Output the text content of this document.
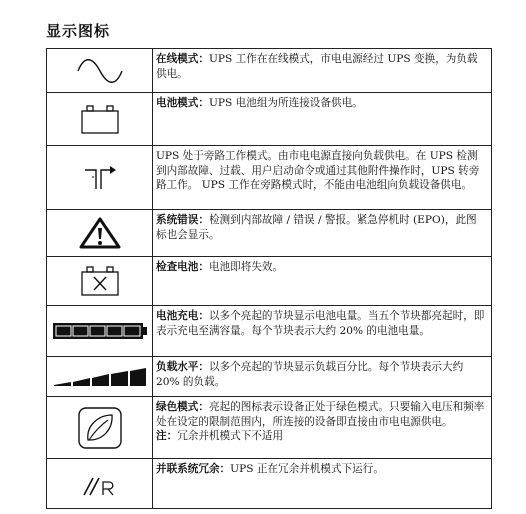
显示图标
	在线模式：UPS 工作在在线模式，市电电源经过 UPS 变换，为负载供电。

	电池模式：UPS 电池组为所连接设备供电。

	UPS 处于旁路工作模式。由市电电源直接向负载供电。在 UPS 检测到内部故障、过载、用户启动命令或通过其他附件操作时，UPS 转旁路工作。 UPS 工作在旁路模式时，不能由电池组向负载设备供电。

	系统错误：检测到内部故障 / 错误 / 警报。紧急停机时 (EPO)，此图标也会显示。

	检查电池：电池即将失效。

	电池充电：以多个亮起的节块显示电池电量。当五个节块都亮起时，即表示充电至满容量。每个节块表示大约 20% 的电池电量。

	负载水平：以多个亮起的节块显示负载百分比。每个节块表示大约 20% 的负载。

	绿色模式：亮起的图标表示设备正处于绿色模式。只要输入电压和频率处在设定的限制范围内，所连接的设备即直接由市电电源供电。
注：冗余并机模式下不适用

	并联系统冗余：UPS 正在冗余并机模式下运行。
